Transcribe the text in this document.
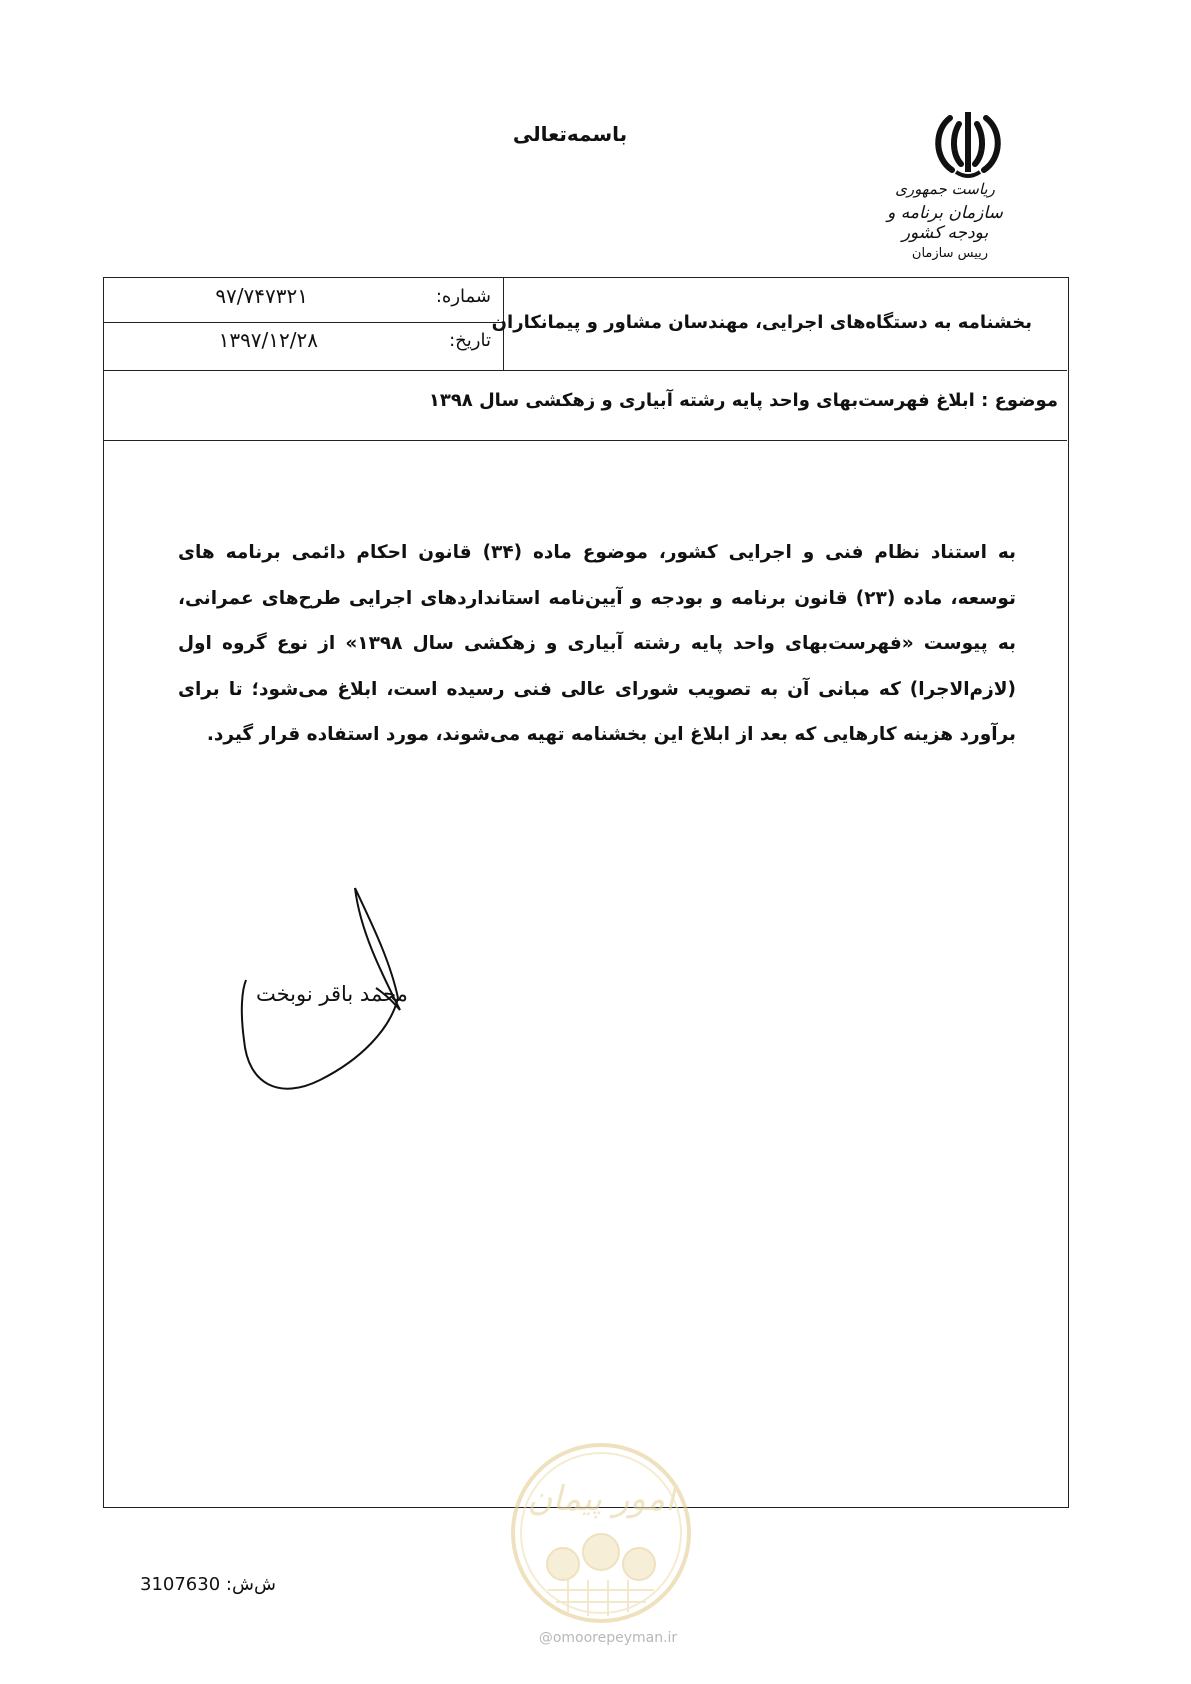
باسمه‌تعالی
ریاست جمهوری
سازمان برنامه و بودجه کشور
رییس سازمان
بخشنامه به دستگاه‌های اجرایی، مهندسان مشاور و پیمانکاران
شماره:
۹۷/۷۴۷۳۲۱
تاریخ:
۱۳۹۷/۱۲/۲۸
موضوع : ابلاغ فهرست‌بهای واحد پایه رشته آبیاری و زهکشی سال ۱۳۹۸
به استناد نظام فنی و اجرایی کشور، موضوع ماده (۳۴) قانون احکام دائمی برنامه های توسعه، ماده (۲۳) قانون برنامه و بودجه و آیین‌نامه استانداردهای اجرایی طرح‌های عمرانی، به پیوست «فهرست‌بهای واحد پایه رشته آبیاری و زهکشی سال ۱۳۹۸» از نوع گروه اول (لازم‌الاجرا) که مبانی آن به تصویب شورای عالی فنی رسیده است، ابلاغ می‌شود؛ تا برای برآورد هزینه کارهایی که بعد از ابلاغ این بخشنامه تهیه می‌شوند، مورد استفاده قرار گیرد.
محمد باقر نوبخت
امور پیمان
@omoorepeyman.ir
ش‌ش: 3107630
